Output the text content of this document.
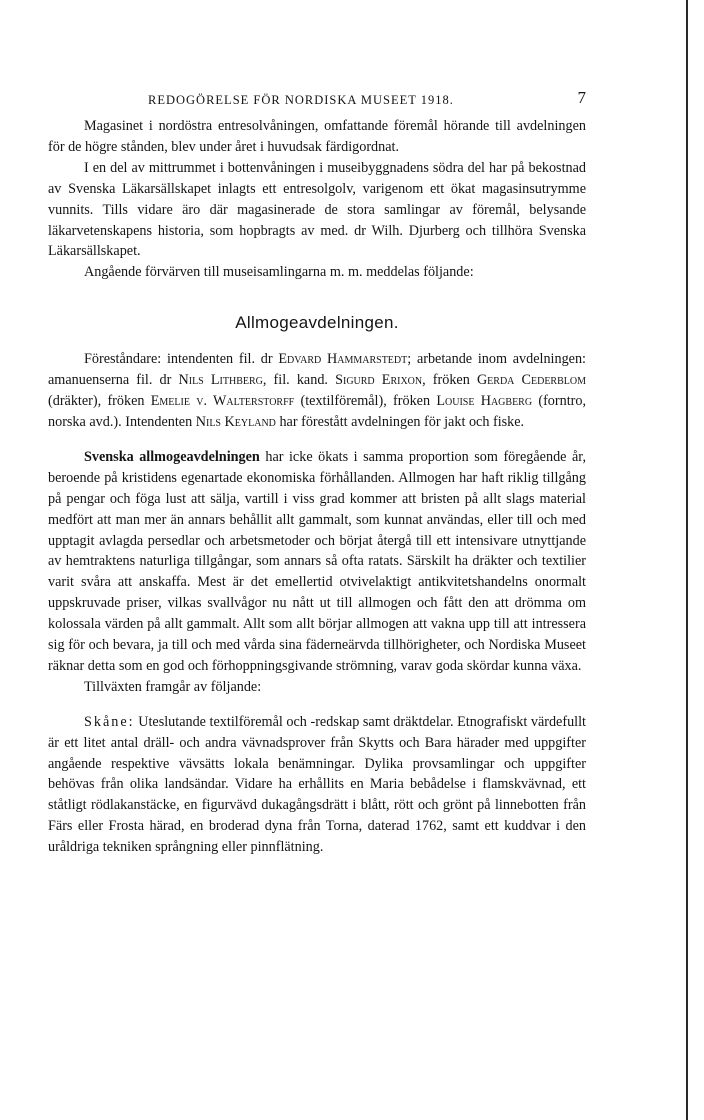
REDOGÖRELSE FÖR NORDISKA MUSEET 1918.	7

Magasinet i nordöstra entresolvåningen, omfattande föremål hörande till avdelningen för de högre stånden, blev under året i huvudsak färdigordnat.

I en del av mittrummet i bottenvåningen i museibyggnadens södra del har på bekostnad av Svenska Läkarsällskapet inlagts ett entresolgolv, varigenom ett ökat magasinsutrymme vunnits. Tills vidare äro där magasinerade de stora samlingar av föremål, belysande läkarvetenskapens historia, som hopbragts av med. dr Wilh. Djurberg och tillhöra Svenska Läkarsällskapet.

Angående förvärven till museisamlingarna m. m. meddelas följande:

Allmogeavdelningen.

Föreståndare: intendenten fil. dr Edvard Hammarstedt; arbetande inom avdelningen: amanuenserna fil. dr Nils Lithberg, fil. kand. Sigurd Erixon, fröken Gerda Cederblom (dräkter), fröken Emelie v. Walterstorff (textilföremål), fröken Louise Hagberg (forntro, norska avd.). Intendenten Nils Keyland har förestått avdelningen för jakt och fiske.

Svenska allmogeavdelningen har icke ökats i samma proportion som föregående år, beroende på kristidens egenartade ekonomiska förhållanden. Allmogen har haft riklig tillgång på pengar och föga lust att sälja, vartill i viss grad kommer att bristen på allt slags material medfört att man mer än annars behållit allt gammalt, som kunnat användas, eller till och med upptagit avlagda persedlar och arbetsmetoder och börjat återgå till ett intensivare utnyttjande av hemtraktens naturliga tillgångar, som annars så ofta ratats. Särskilt ha dräkter och textilier varit svåra att anskaffa. Mest är det emellertid otvivelaktigt antikvitetshandelns onormalt uppskruvade priser, vilkas svallvågor nu nått ut till allmogen och fått den att drömma om kolossala värden på allt gammalt. Allt som allt börjar allmogen att vakna upp till att intressera sig för och bevara, ja till och med vårda sina fäderneärvda tillhörigheter, och Nordiska Museet räknar detta som en god och förhoppningsgivande strömning, varav goda skördar kunna växa.

Tillväxten framgår av följande:

Skåne: Uteslutande textilföremål och -redskap samt dräktdelar. Etnografiskt värdefullt är ett litet antal dräll- och andra vävnadsprover från Skytts och Bara härader med uppgifter angående respektive vävsätts lokala benämningar. Dylika provsamlingar och uppgifter behövas från olika landsändar. Vidare ha erhållits en Maria bebådelse i flamskvävnad, ett ståtligt rödlakanstäcke, en figurvävd dukagångsdrätt i blått, rött och grönt på linnebotten från Färs eller Frosta härad, en broderad dyna från Torna, daterad 1762, samt ett kuddvar i den uråldriga tekniken språngning eller pinnflätning.
